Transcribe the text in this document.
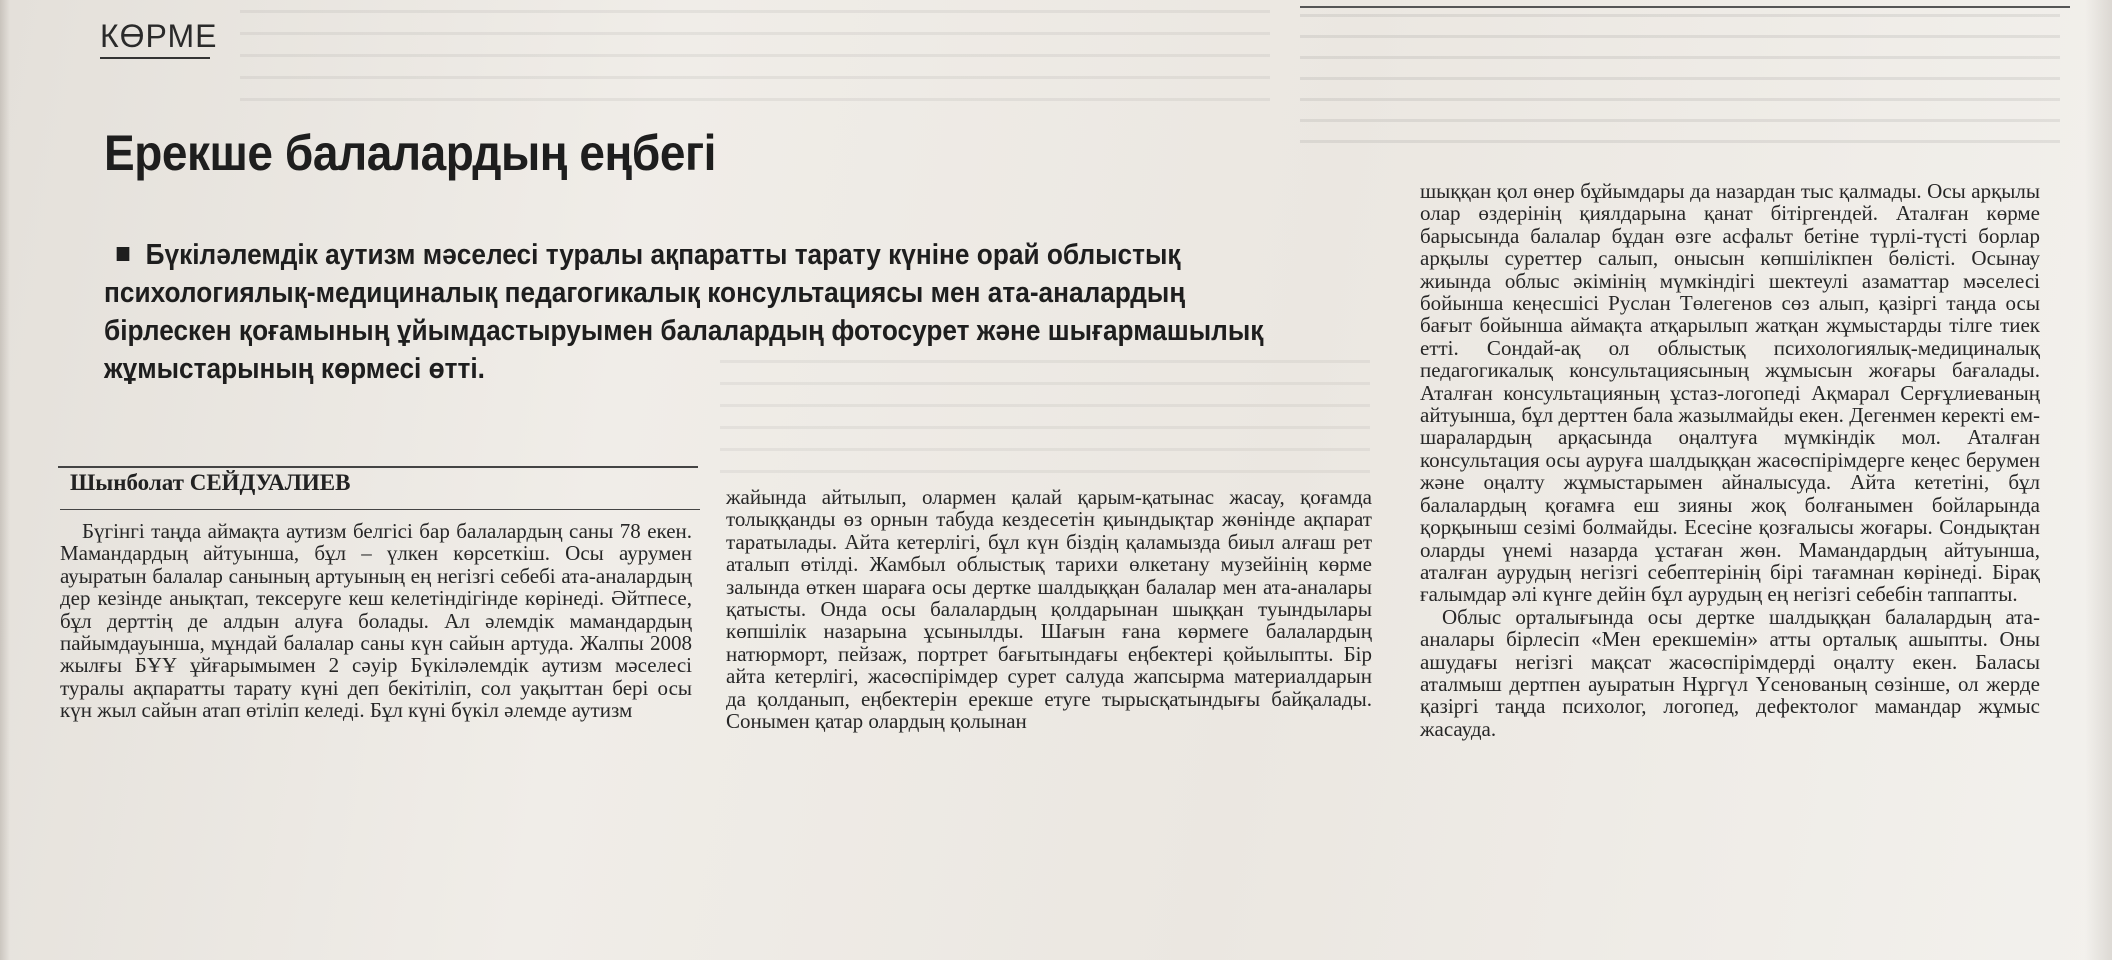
КӨРМЕ
Ерекше балалардың еңбегі

Бүкіләлемдік аутизм мәселесі туралы ақпаратты тарату күніне орай облыстық психологиялық-медициналық педагогикалық консультациясы мен ата-аналардың бірлескен қоғамының ұйымдастыруымен балалардың фотосурет және шығармашылық жұмыстарының көрмесі өтті.

Шынболат СЕЙДУАЛИЕВ

Бүгінгі таңда аймақта аутизм белгісі бар балалардың саны 78 екен. Мамандардың айтуынша, бұл – үлкен көрсеткіш. Осы аурумен ауыратын балалар санының артуының ең негізгі себебі ата-аналардың дер кезінде анықтап, тексеруге кеш келетіндігінде көрінеді. Әйтпесе, бұл дерттің де алдын алуға болады. Ал әлемдік мамандардың пайымдауынша, мұндай балалар саны күн сайын артуда. Жалпы 2008 жылғы БҰҰ ұйғарымымен 2 сәуір Бүкіләлемдік аутизм мәселесі туралы ақпаратты тарату күні деп бекітіліп, сол уақыттан бері осы күн жыл сайын атап өтіліп келеді. Бұл күні бүкіл әлемде аутизм

жайында айтылып, олармен қалай қарым-қатынас жасау, қоғамда толыққанды өз орнын табуда кездесетін қиындықтар жөнінде ақпарат таратылады. Айта кетерлігі, бұл күн біздің қаламызда биыл алғаш рет аталып өтілді. Жамбыл облыстық тарихи өлкетану музейінің көрме залында өткен шараға осы дертке шалдыққан балалар мен ата-аналары қатысты. Онда осы балалардың қолдарынан шыққан туындылары көпшілік назарына ұсынылды. Шағын ғана көрмеге балалардың натюрморт, пейзаж, портрет бағытындағы еңбектері қойылыпты. Бір айта кетерлігі, жасөспірімдер сурет салуда жапсырма материалдарын да қолданып, еңбектерін ерекше етуге тырысқатындығы байқалады. Сонымен қатар олардың қолынан

шыққан қол өнер бұйымдары да назардан тыс қалмады. Осы арқылы олар өздерінің қиялдарына қанат бітіргендей. Аталған көрме барысында балалар бұдан өзге асфальт бетіне түрлі-түсті борлар арқылы суреттер салып, онысын көпшілікпен бөлісті. Осынау жиында облыс әкімінің мүмкіндігі шектеулі азаматтар мәселесі бойынша кеңесшісі Руслан Төлегенов сөз алып, қазіргі таңда осы бағыт бойынша аймақта атқарылып жатқан жұмыстарды тілге тиек етті. Сондай-ақ ол облыстық психологиялық-медициналық педагогикалық консультациясының жұмысын жоғары бағалады. Аталған консультацияның ұстаз-логопеді Ақмарал Серғұлиеваның айтуынша, бұл дерттен бала жазылмайды екен. Дегенмен керекті ем-шаралардың арқасында оңалтуға мүмкіндік мол. Аталған консультация осы ауруға шалдыққан жасөспірімдерге кеңес берумен және оңалту жұмыстарымен айналысуда. Айта кететіні, бұл балалардың қоғамға еш зияны жоқ болғанымен бойларында қорқыныш сезімі болмайды. Есесіне қозғалысы жоғары. Сондықтан оларды үнемі назарда ұстаған жөн. Мамандардың айтуынша, аталған аурудың негізгі себептерінің бірі тағамнан көрінеді. Бірақ ғалымдар әлі күнге дейін бұл аурудың ең негізгі себебін таппапты.

Облыс орталығында осы дертке шалдыққан балалардың ата-аналары бірлесіп «Мен ерекшемін» атты орталық ашыпты. Оны ашудағы негізгі мақсат жасөспірімдерді оңалту екен. Баласы аталмыш дертпен ауыратын Нұргүл Үсенованың сөзінше, ол жерде қазіргі таңда психолог, логопед, дефектолог мамандар жұмыс жасауда.
